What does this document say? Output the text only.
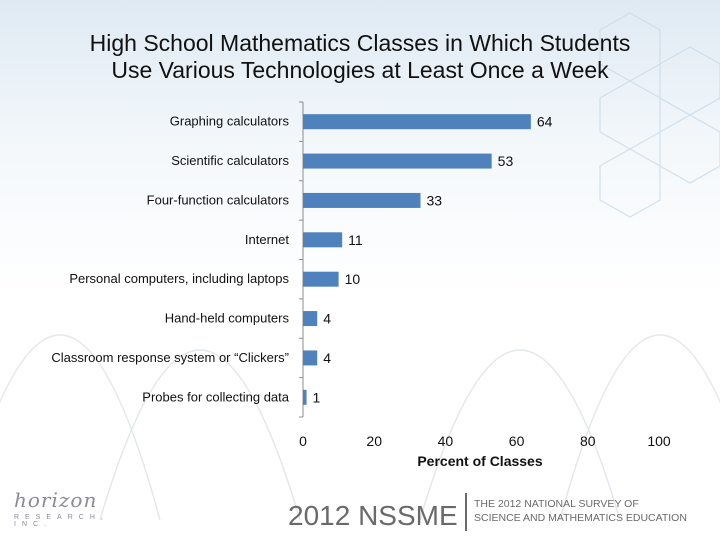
High School Mathematics Classes in Which Students
Use Various Technologies at Least Once a Week
Graphing calculators	64
Scientific calculators	53
Four-function calculators	33
Internet	11
Personal computers, including laptops	10
Hand-held computers 4
Classroom response system or “Clickers” 4
Probes for collecting data 1
0	20	40	60	80	100
Percent of Classes
horizon
RESEARCH, INC.	2012 NSSME THE 2012 NATIONAL SURVEY OF
SCIENCE AND MATHEMATICS EDUCATION
